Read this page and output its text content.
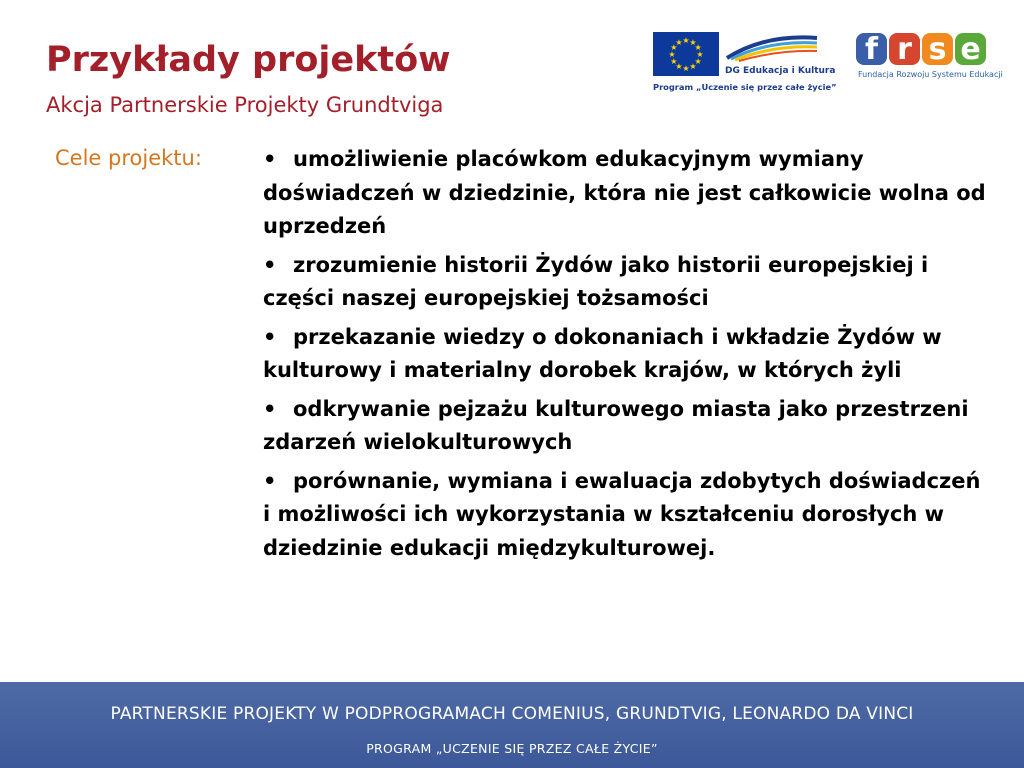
Przykłady projektów
Akcja Partnerskie Projekty Grundtviga
★
★
★
★
★
★
★
★
★ ★ ★
★
DG Edukacja i Kultura
Program „Uczenie się przez całe życie”
f r s e
Fundacja Rozwoju Systemu Edukacji
Cele projektu:	• umożliwienie placówkom edukacyjnym wymiany doświadczeń w dziedzinie, która nie jest całkowicie wolna od uprzedzeń
• zrozumienie historii Żydów jako historii europejskiej i części naszej europejskiej tożsamości
• przekazanie wiedzy o dokonaniach i wkładzie Żydów w kulturowy i materialny dorobek krajów, w których żyli
• odkrywanie pejzażu kulturowego miasta jako przestrzeni zdarzeń wielokulturowych
• porównanie, wymiana i ewaluacja zdobytych doświadczeń i możliwości ich wykorzystania w kształceniu dorosłych w dziedzinie edukacji międzykulturowej.
PARTNERSKIE PROJEKTY W PODPROGRAMACH COMENIUS, GRUNDTVIG, LEONARDO DA VINCI
PROGRAM „UCZENIE SIĘ PRZEZ CAŁE ŻYCIE”
